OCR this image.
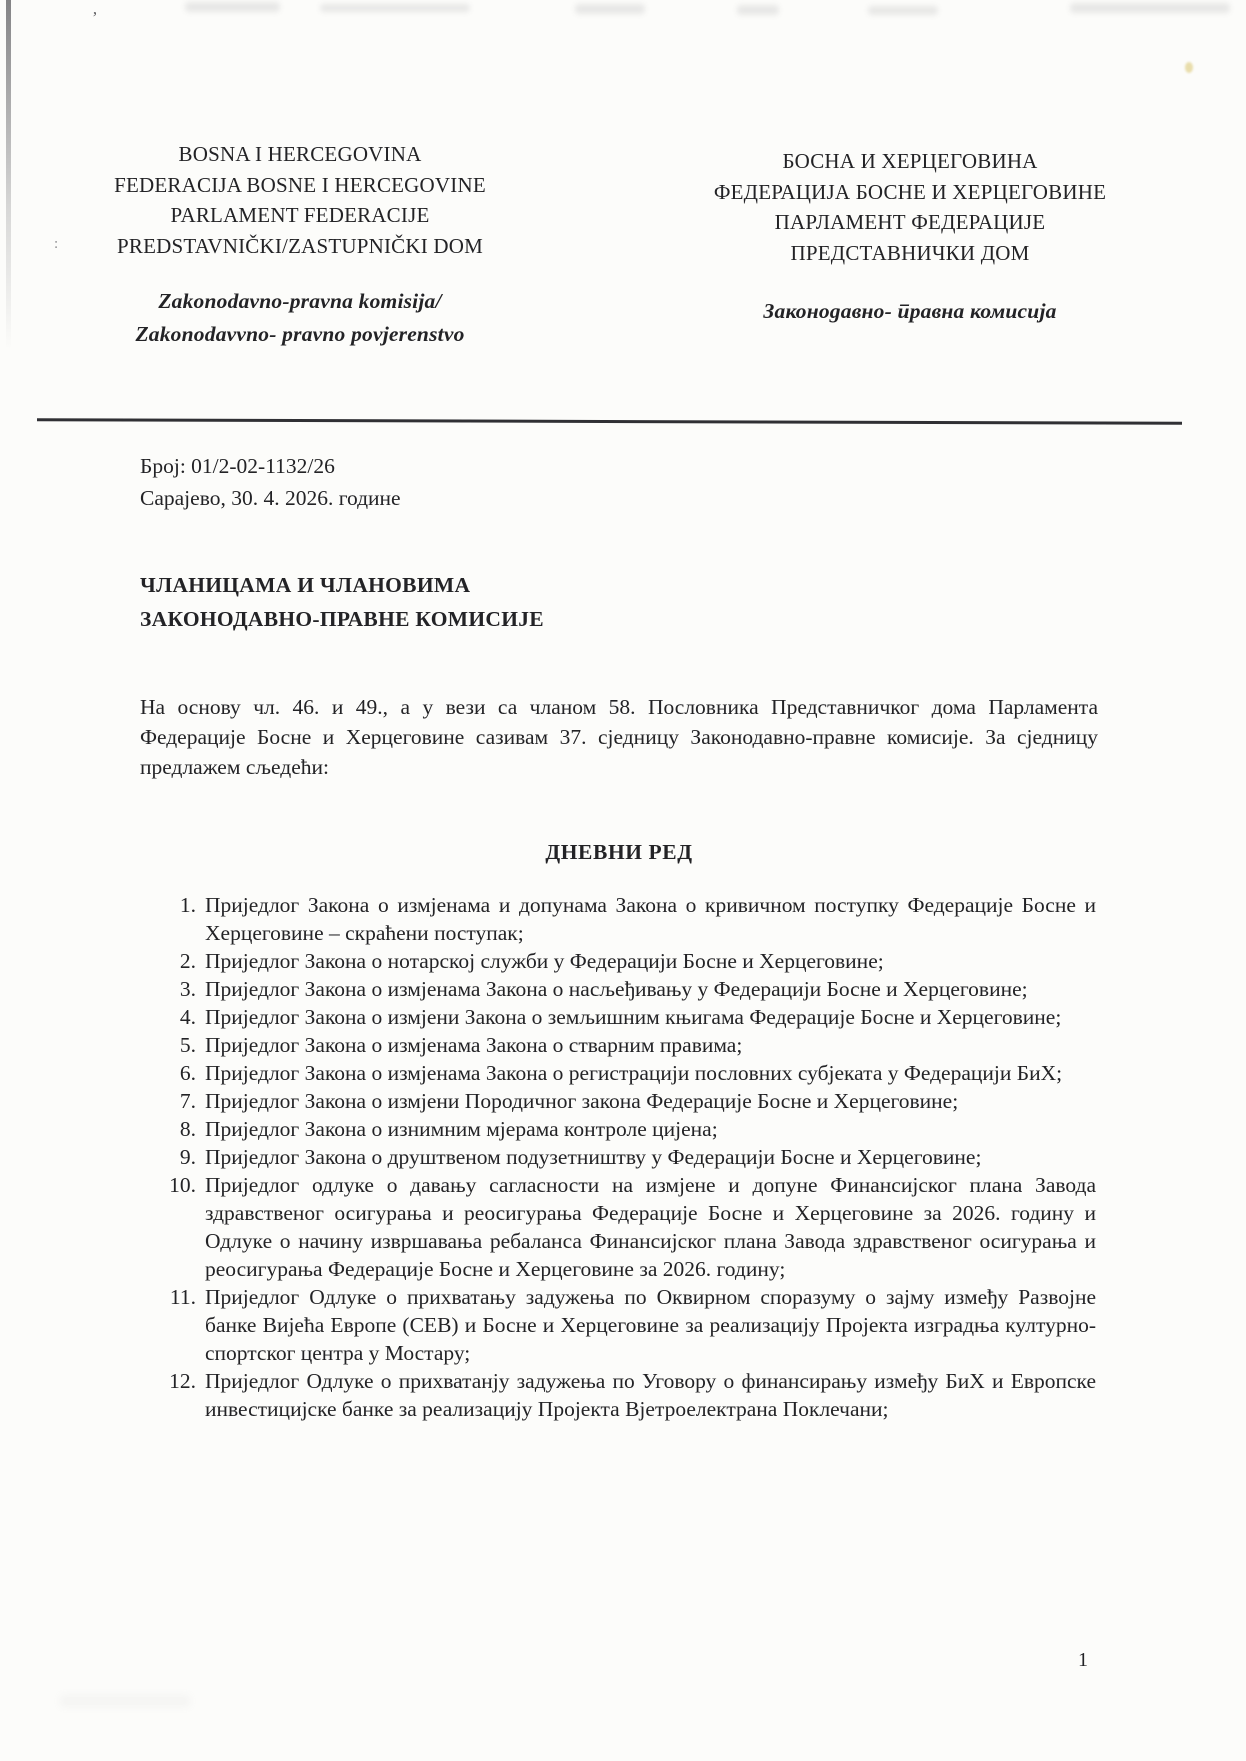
’
:
BOSNA I HERCEGOVINA
FEDERACIJA BOSNE I HERCEGOVINE
PARLAMENT FEDERACIJE
PREDSTAVNIČKI/ZASTUPNIČKI DOM
Zakonodavno-pravna komisija/
Zakonodavvno- pravno povjerenstvo
БОСНА И ХЕРЦЕГОВИНА
ФЕДЕРАЦИЈА БОСНЕ И ХЕРЦЕГОВИНЕ
ПАРЛАМЕНТ ФЕДЕРАЦИЈЕ
ПРЕДСТАВНИЧКИ ДОМ
Законодавно- правна комисија
Број: 01/2-02-1132/26
Сарајево, 30. 4. 2026. године
ЧЛАНИЦАМА И ЧЛАНОВИМА
ЗАКОНОДАВНО-ПРАВНЕ КОМИСИЈЕ

На основу чл. 46. и 49., а у вези са чланом 58. Пословника Представничког дома Парламента Федерације Босне и Херцеговине сазивам 37. сједницу Законодавно-правне комисије. За сједницу предлажем сљедећи:

ДНЕВНИ РЕД
1. Приједлог Закона о измјенама и допунама Закона о кривичном поступку Федерације Босне и Херцеговине – скраћени поступак;
2. Приједлог Закона о нотарској служби у Федерацији Босне и Херцеговине;
3. Приједлог Закона о измјенама Закона о насљеђивању у Федерацији Босне и Херцеговине;
4. Приједлог Закона о измјени Закона о земљишним књигама Федерације Босне и Херцеговине;
5. Приједлог Закона о измјенама Закона о стварним правима;
6. Приједлог Закона о измјенама Закона о регистрацији пословних субјеката у Федерацији БиХ;
7. Приједлог Закона о измјени Породичног закона Федерације Босне и Херцеговине;
8. Приједлог Закона о изнимним мјерама контроле цијена;
9. Приједлог Закона о друштвеном подузетништву у Федерацији Босне и Херцеговине;
10. Приједлог одлуке о давању сагласности на измјене и допуне Финансијског плана Завода здравственог осигурања и реосигурања Федерације Босне и Херцеговине за 2026. годину и Одлуке о начину извршавања ребаланса Финансијског плана Завода здравственог осигурања и реосигурања Федерације Босне и Херцеговине за 2026. годину;
11. Приједлог Одлуке о прихватању задужења по Оквирном споразуму о зајму између Развојне банке Вијећа Европе (CEB) и Босне и Херцеговине за реализацију Пројекта изградња културно-спортског центра у Мостару;
12. Приједлог Одлуке о прихватанју задужења по Уговору о финансирању између БиХ и Европске инвестицијске банке за реализацију Пројекта Вјетроелектрана Поклечани;
1
